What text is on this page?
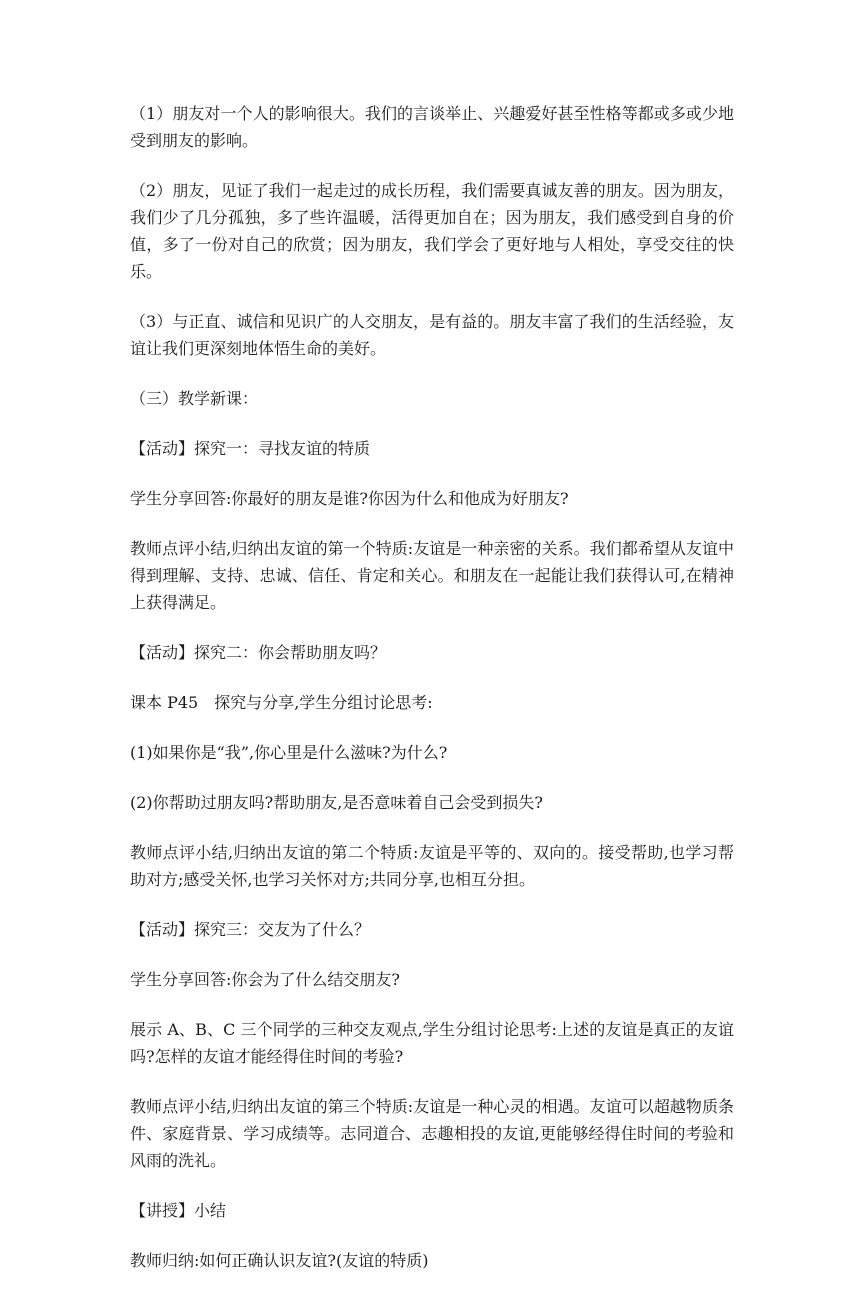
（1）朋友对一个人的影响很大。我们的言谈举止、兴趣爱好甚至性格等都或多或少地受到朋友的影响。

（2）朋友，见证了我们一起走过的成长历程，我们需要真诚友善的朋友。因为朋友，我们少了几分孤独，多了些许温暖，活得更加自在；因为朋友，我们感受到自身的价值，多了一份对自己的欣赏；因为朋友，我们学会了更好地与人相处，享受交往的快乐。

（3）与正直、诚信和见识广的人交朋友，是有益的。朋友丰富了我们的生活经验，友谊让我们更深刻地体悟生命的美好。

（三）教学新课：

【活动】探究一：寻找友谊的特质

学生分享回答:你最好的朋友是谁?你因为什么和他成为好朋友?

教师点评小结,归纳出友谊的第一个特质:友谊是一种亲密的关系。我们都希望从友谊中得到理解、支持、忠诚、信任、肯定和关心。和朋友在一起能让我们获得认可,在精神上获得满足。

【活动】探究二：你会帮助朋友吗？

课本 P45　探究与分享,学生分组讨论思考:

(1)如果你是“我”,你心里是什么滋味?为什么?

(2)你帮助过朋友吗?帮助朋友,是否意味着自己会受到损失?

教师点评小结,归纳出友谊的第二个特质:友谊是平等的、双向的。接受帮助,也学习帮助对方;感受关怀,也学习关怀对方;共同分享,也相互分担。

【活动】探究三：交友为了什么？

学生分享回答:你会为了什么结交朋友?

展示 A、B、C 三个同学的三种交友观点,学生分组讨论思考:上述的友谊是真正的友谊吗?怎样的友谊才能经得住时间的考验?

教师点评小结,归纳出友谊的第三个特质:友谊是一种心灵的相遇。友谊可以超越物质条件、家庭背景、学习成绩等。志同道合、志趣相投的友谊,更能够经得住时间的考验和风雨的洗礼。

【讲授】小结

教师归纳:如何正确认识友谊?(友谊的特质)
